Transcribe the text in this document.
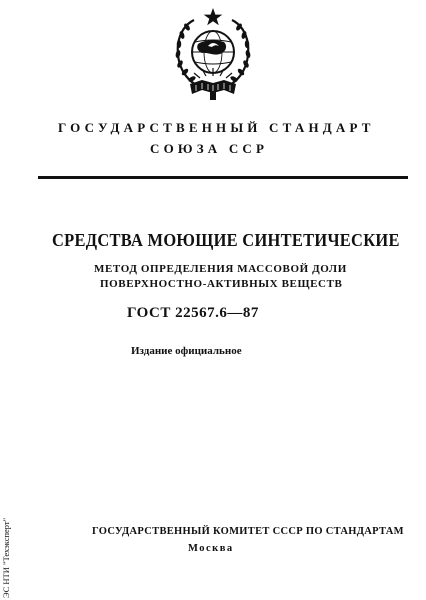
ГОСУДАРСТВЕННЫЙ СТАНДАРТ
СОЮЗА ССР
СРЕДСТВА МОЮЩИЕ СИНТЕТИЧЕСКИЕ
МЕТОД ОПРЕДЕЛЕНИЯ МАССОВОЙ ДОЛИ
ПОВЕРХНОСТНО-АКТИВНЫХ ВЕЩЕСТВ
ГОСТ 22567.6—87
Издание официальное
ЭС НТИ "Техэксперт"	ГОСУДАРСТВЕННЫЙ КОМИТЕТ СССР ПО СТАНДАРТАМ
Москва
